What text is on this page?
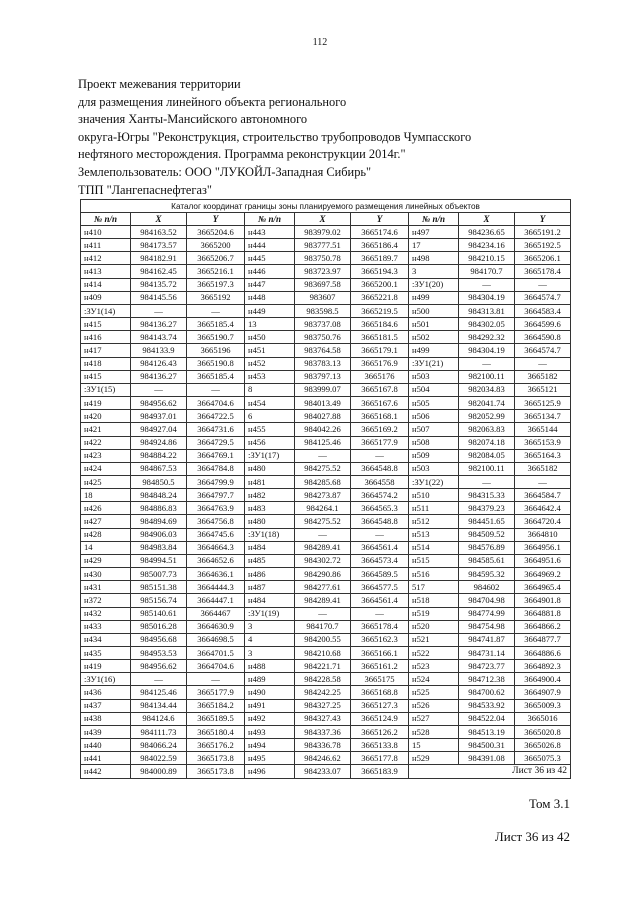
112
Проект межевания территории
для размещения линейного объекта регионального
значения Ханты-Мансийского автономного
округа-Югры "Реконструкция, строительство трубопроводов Чумпасского
нефтяного месторождения. Программа реконструкции 2014г."
Землепользователь: ООО "ЛУКОЙЛ-Западная Сибирь"
ТПП "Лангепаснефтегаз"
Каталог координат границы зоны планируемого размещения линейных объектов								
№ п/п	X	Y	№ п/п	X	Y	№ п/п	X	Y
н410	984163.52	3665204.6	н443	983979.02	3665174.6	н497	984236.65	3665191.2
н411	984173.57	3665200	н444	983777.51	3665186.4	17	984234.16	3665192.5
н412	984182.91	3665206.7	н445	983750.78	3665189.7	н498	984210.15	3665206.1
н413	984162.45	3665216.1	н446	983723.97	3665194.3	3	984170.7	3665178.4
н414	984135.72	3665197.3	н447	983697.58	3665200.1	:ЗУ1(20)	—	—
н409	984145.56	3665192	н448	983607	3665221.8	н499	984304.19	3664574.7
:ЗУ1(14)	—	—	н449	983598.5	3665219.5	н500	984313.81	3664583.4
н415	984136.27	3665185.4	13	983737.08	3665184.6	н501	984302.05	3664599.6
н416	984143.74	3665190.7	н450	983750.76	3665181.5	н502	984292.32	3664590.8
н417	984133.9	3665196	н451	983764.58	3665179.1	н499	984304.19	3664574.7
н418	984126.43	3665190.8	н452	983783.13	3665176.9	:ЗУ1(21)	—	—
н415	984136.27	3665185.4	н453	983797.13	3665176	н503	982100.11	3665182
:ЗУ1(15)	—	—	8	983999.07	3665167.8	н504	982034.83	3665121
н419	984956.62	3664704.6	н454	984013.49	3665167.6	н505	982041.74	3665125.9
н420	984937.01	3664722.5	6	984027.88	3665168.1	н506	982052.99	3665134.7
н421	984927.04	3664731.6	н455	984042.26	3665169.2	н507	982063.83	3665144
н422	984924.86	3664729.5	н456	984125.46	3665177.9	н508	982074.18	3665153.9
н423	984884.22	3664769.1	:ЗУ1(17)	—	—	н509	982084.05	3665164.3
н424	984867.53	3664784.8	н480	984275.52	3664548.8	н503	982100.11	3665182
н425	984850.5	3664799.9	н481	984285.68	3664558	:ЗУ1(22)	—	—
18	984848.24	3664797.7	н482	984273.87	3664574.2	н510	984315.33	3664584.7
н426	984886.83	3664763.9	н483	984264.1	3664565.3	н511	984379.23	3664642.4
н427	984894.69	3664756.8	н480	984275.52	3664548.8	н512	984451.65	3664720.4
н428	984906.03	3664745.6	:ЗУ1(18)	—	—	н513	984509.52	3664810
14	984983.84	3664664.3	н484	984289.41	3664561.4	н514	984576.89	3664956.1
н429	984994.51	3664652.6	н485	984302.72	3664573.4	н515	984585.61	3664951.6
н430	985007.73	3664636.1	н486	984290.86	3664589.5	н516	984595.32	3664969.2
н431	985151.38	3664444.3	н487	984277.61	3664577.5	517	984602	3664965.4
н372	985156.74	3664447.1	н484	984289.41	3664561.4	н518	984704.98	3664901.8
н432	985140.61	3664467	:ЗУ1(19)	—	—	н519	984774.99	3664881.8
н433	985016.28	3664630.9	3	984170.7	3665178.4	н520	984754.98	3664866.2
н434	984956.68	3664698.5	4	984200.55	3665162.3	н521	984741.87	3664877.7
н435	984953.53	3664701.5	3	984210.68	3665166.1	н522	984731.14	3664886.6
н419	984956.62	3664704.6	н488	984221.71	3665161.2	н523	984723.77	3664892.3
:ЗУ1(16)	—	—	н489	984228.58	3665175	н524	984712.38	3664900.4
н436	984125.46	3665177.9	н490	984242.25	3665168.8	н525	984700.62	3664907.9
н437	984134.44	3665184.2	н491	984327.25	3665127.3	н526	984533.92	3665009.3
н438	984124.6	3665189.5	н492	984327.43	3665124.9	н527	984522.04	3665016
н439	984111.73	3665180.4	н493	984337.36	3665126.2	н528	984513.19	3665020.8
н440	984066.24	3665176.2	н494	984336.78	3665133.8	15	984500.31	3665026.8
н441	984022.59	3665173.8	н495	984246.62	3665177.8	н529	984391.08	3665075.3
н442	984000.89	3665173.8	н496	984233.07	3665183.9	Лист 36 из 42		
Том 3.1
Лист 36 из 42
